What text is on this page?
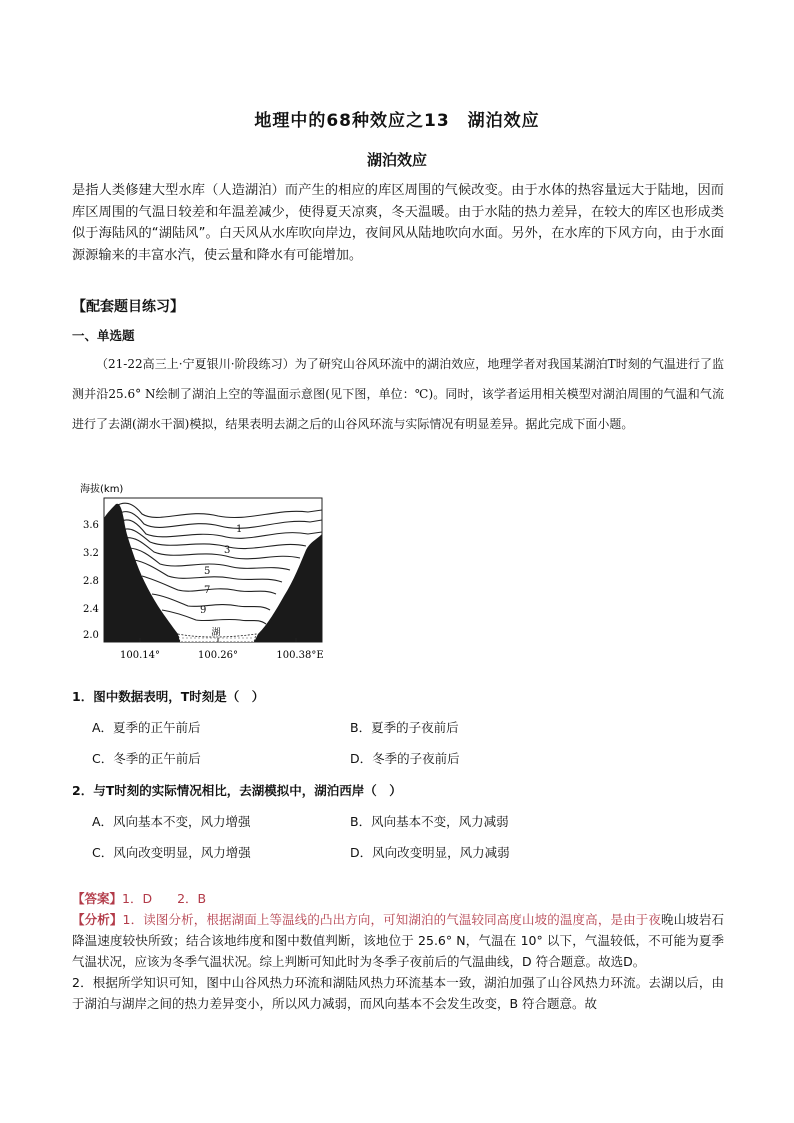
地理中的68种效应之13　湖泊效应
湖泊效应
是指人类修建大型水库（人造湖泊）而产生的相应的库区周围的气候改变。由于水体的热容量远大于陆地，因而库区周围的气温日较差和年温差减少，使得夏天凉爽，冬天温暖。由于水陆的热力差异，在较大的库区也形成类似于海陆风的“湖陆风”。白天风从水库吹向岸边，夜间风从陆地吹向水面。另外，在水库的下风方向，由于水面源源输来的丰富水汽，使云量和降水有可能增加。
【配套题目练习】
一、单选题
（21-22高三上·宁夏银川·阶段练习）为了研究山谷风环流中的湖泊效应，地理学者对我国某湖泊T时刻的气温进行了监测并沿25.6° N绘制了湖泊上空的等温面示意图(见下图，单位：℃)。同时，该学者运用相关模型对湖泊周围的气温和气流进行了去湖(湖水干涸)模拟，结果表明去湖之后的山谷风环流与实际情况有明显差异。据此完成下面小题。
海拔(km)
3.6
3.2
2.8
2.4
2.0
1
3
5
7
9
湖
100.14°	100.26°	100.38°E
1．图中数据表明，T时刻是（　）
A．夏季的正午前后	B．夏季的子夜前后
C．冬季的正午前后	D．冬季的子夜前后
2．与T时刻的实际情况相比，去湖模拟中，湖泊西岸（　）
A．风向基本不变，风力增强	B．风向基本不变，风力减弱
C．风向改变明显，风力增强	D．风向改变明显，风力减弱
【答案】1．D　　2．B

【分析】1．读图分析，根据湖面上等温线的凸出方向，可知湖泊的气温较同高度山坡的温度高，是由于夜晚山坡岩石降温速度较快所致；结合该地纬度和图中数值判断，该地位于 25.6° N，气温在 10° 以下，气温较低，不可能为夏季气温状况，应该为冬季气温状况。综上判断可知此时为冬季子夜前后的气温曲线，D 符合题意。故选D。

2．根据所学知识可知，图中山谷风热力环流和湖陆风热力环流基本一致，湖泊加强了山谷风热力环流。去湖以后，由于湖泊与湖岸之间的热力差异变小，所以风力减弱，而风向基本不会发生改变，B 符合题意。故
